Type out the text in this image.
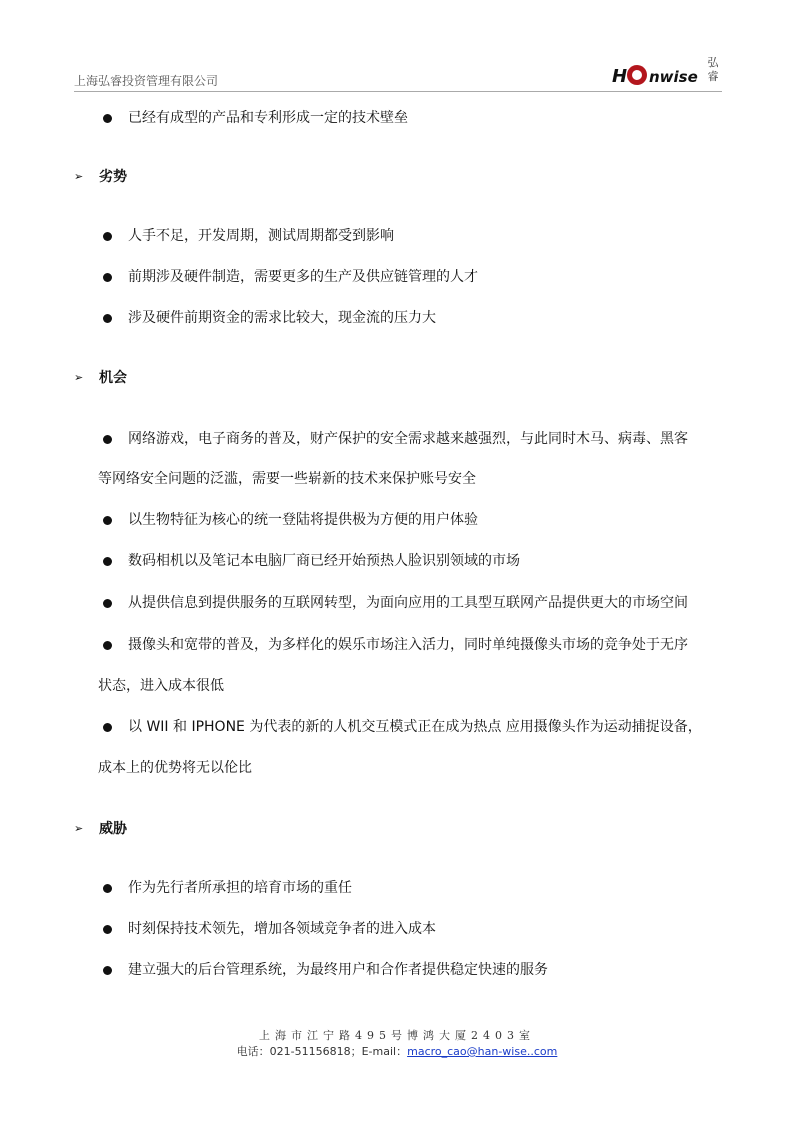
上海弘睿投资管理有限公司	H nwise
弘睿
已经有成型的产品和专利形成一定的技术壁垒
➢ 劣势
人手不足，开发周期，测试周期都受到影响
前期涉及硬件制造，需要更多的生产及供应链管理的人才
涉及硬件前期资金的需求比较大，现金流的压力大
➢ 机会
网络游戏，电子商务的普及，财产保护的安全需求越来越强烈，与此同时木马、病毒、黑客
等网络安全问题的泛滥，需要一些崭新的技术来保护账号安全
以生物特征为核心的统一登陆将提供极为方便的用户体验
数码相机以及笔记本电脑厂商已经开始预热人脸识别领域的市场
从提供信息到提供服务的互联网转型，为面向应用的工具型互联网产品提供更大的市场空间
摄像头和宽带的普及，为多样化的娱乐市场注入活力，同时单纯摄像头市场的竞争处于无序
状态，进入成本很低
以 WII 和 IPHONE 为代表的新的人机交互模式正在成为热点 应用摄像头作为运动捕捉设备，
成本上的优势将无以伦比
➢ 威胁
作为先行者所承担的培育市场的重任
时刻保持技术领先，增加各领域竞争者的进入成本
建立强大的后台管理系统，为最终用户和合作者提供稳定快速的服务
上海市江宁路495号博鸿大厦2403室
电话：021-51156818；E-mail：macro_cao@han-wise..com
